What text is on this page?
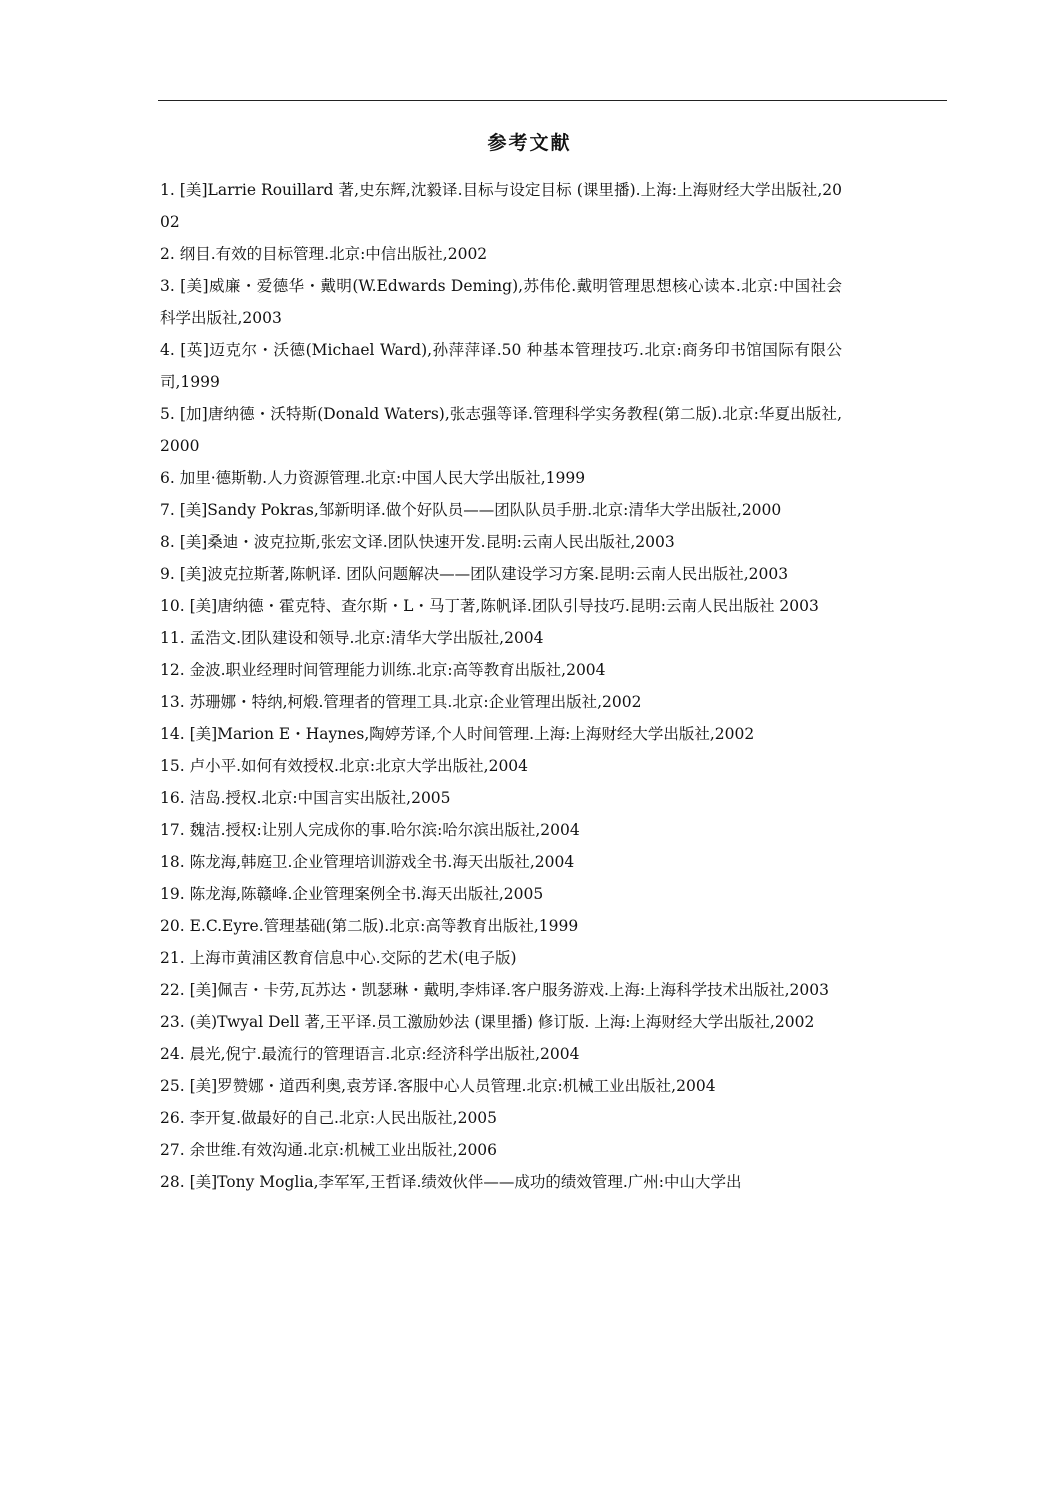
参考文献
1. [美]Larrie Rouillard 著,史东辉,沈毅译.目标与设定目标 (课里播).上海:上海财经大学出版社,2002
2. 纲目.有效的目标管理.北京:中信出版社,2002
3. [美]威廉・爱德华・戴明(W.Edwards Deming),苏伟伦.戴明管理思想核心读本.北京:中国社会科学出版社,2003
4. [英]迈克尔・沃德(Michael Ward),孙萍萍译.50 种基本管理技巧.北京:商务印书馆国际有限公司,1999
5. [加]唐纳德・沃特斯(Donald Waters),张志强等译.管理科学实务教程(第二版).北京:华夏出版社,2000
6. 加里·德斯勒.人力资源管理.北京:中国人民大学出版社,1999
7. [美]Sandy Pokras,邹新明译.做个好队员——团队队员手册.北京:清华大学出版社,2000
8. [美]桑迪・波克拉斯,张宏文译.团队快速开发.昆明:云南人民出版社,2003
9. [美]波克拉斯著,陈帆译. 团队问题解决——团队建设学习方案.昆明:云南人民出版社,2003
10. [美]唐纳德・霍克特、查尔斯・L・马丁著,陈帆译.团队引导技巧.昆明:云南人民出版社 2003
11. 孟浩文.团队建设和领导.北京:清华大学出版社,2004
12. 金波.职业经理时间管理能力训练.北京:高等教育出版社,2004
13. 苏珊娜・特纳,柯煅.管理者的管理工具.北京:企业管理出版社,2002
14. [美]Marion E・Haynes,陶婷芳译,个人时间管理.上海:上海财经大学出版社,2002
15. 卢小平.如何有效授权.北京:北京大学出版社,2004
16. 洁岛.授权.北京:中国言实出版社,2005
17. 魏洁.授权:让别人完成你的事.哈尔滨:哈尔滨出版社,2004
18. 陈龙海,韩庭卫.企业管理培训游戏全书.海天出版社,2004
19. 陈龙海,陈赣峰.企业管理案例全书.海天出版社,2005
20. E.C.Eyre.管理基础(第二版).北京:高等教育出版社,1999
21. 上海市黄浦区教育信息中心.交际的艺术(电子版)
22. [美]佩吉・卡劳,瓦苏达・凯瑟琳・戴明,李炜译.客户服务游戏.上海:上海科学技术出版社,2003
23. (美)Twyal Dell 著,王平译.员工激励妙法 (课里播) 修订版. 上海:上海财经大学出版社,2002
24. 晨光,倪宁.最流行的管理语言.北京:经济科学出版社,2004
25. [美]罗赞娜・道西利奥,袁芳译.客服中心人员管理.北京:机械工业出版社,2004
26. 李开复.做最好的自己.北京:人民出版社,2005
27. 余世维.有效沟通.北京:机械工业出版社,2006
28. [美]Tony Moglia,李军军,王哲译.绩效伙伴——成功的绩效管理.广州:中山大学出
